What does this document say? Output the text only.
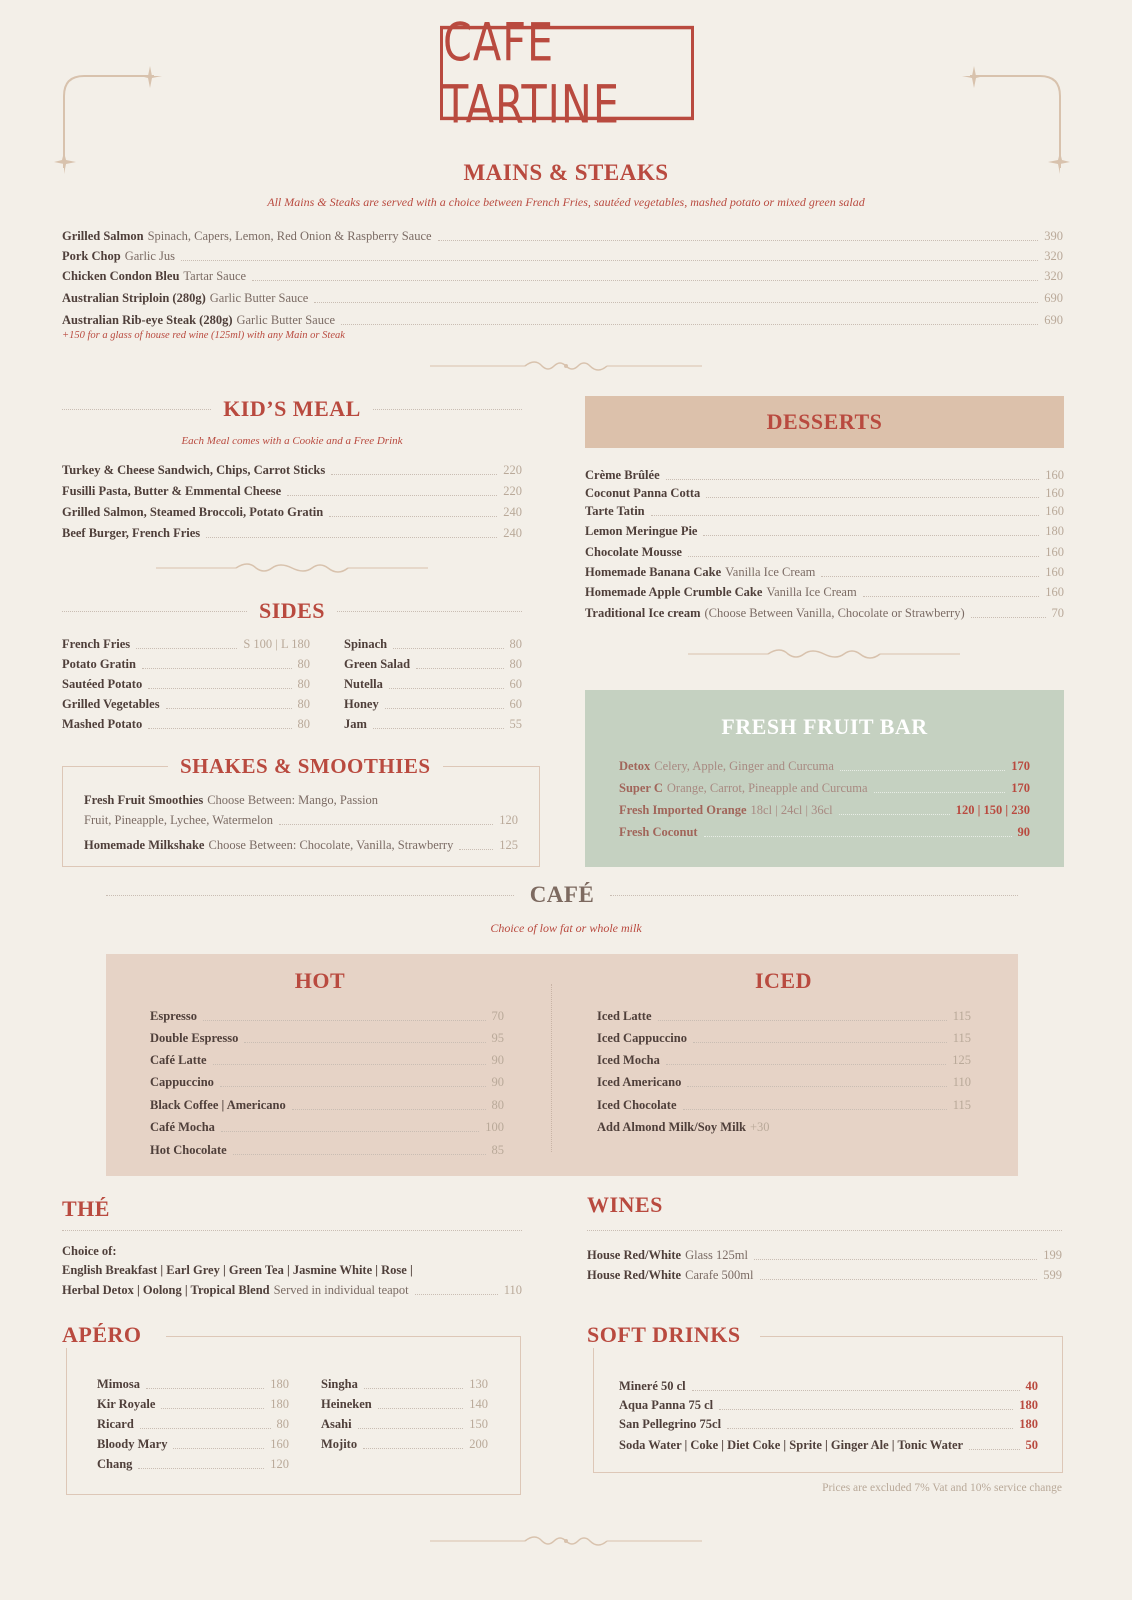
CAFE TARTINE
MAINS & STEAKS
All Mains & Steaks are served with a choice between French Fries, sautéed vegetables, mashed potato or mixed green salad
Grilled Salmon Spinach, Capers, Lemon, Red Onion & Raspberry Sauce	390
Pork Chop Garlic Jus	320
Chicken Condon Bleu Tartar Sauce	320
Australian Striploin (280g) Garlic Butter Sauce	690
Australian Rib-eye Steak (280g) Garlic Butter Sauce	690
+150 for a glass of house red wine (125ml) with any Main or Steak
KID’S MEAL
Each Meal comes with a Cookie and a Free Drink
Turkey & Cheese Sandwich, Chips, Carrot Sticks	220
Fusilli Pasta, Butter & Emmental Cheese	220
Grilled Salmon, Steamed Broccoli, Potato Gratin	240
Beef Burger, French Fries	240
SIDES
French Fries	S 100 | L 180
Potato Gratin	80
Sautéed Potato	80
Grilled Vegetables	80
Mashed Potato	80
Spinach	80
Green Salad	80
Nutella	60
Honey	60
Jam	55
SHAKES & SMOOTHIES
Fresh Fruit Smoothies Choose Between: Mango, Passion
Fruit, Pineapple, Lychee, Watermelon	120
Homemade Milkshake Choose Between: Chocolate, Vanilla, Strawberry	125
DESSERTS
Crème Brûlée	160
Coconut Panna Cotta	160
Tarte Tatin	160
Lemon Meringue Pie	180
Chocolate Mousse	160
Homemade Banana Cake Vanilla Ice Cream	160
Homemade Apple Crumble Cake Vanilla Ice Cream	160
Traditional Ice cream (Choose Between Vanilla, Chocolate or Strawberry)	70
FRESH FRUIT BAR
Detox Celery, Apple, Ginger and Curcuma	170
Super C Orange, Carrot, Pineapple and Curcuma	170
Fresh Imported Orange 18cl | 24cl | 36cl	120 | 150 | 230
Fresh Coconut	90
CAFÉ
Choice of low fat or whole milk
HOT	ICED
Espresso	70
Double Espresso	95
Café Latte	90
Cappuccino	90
Black Coffee | Americano	80
Café Mocha	100
Hot Chocolate	85
Iced Latte	115
Iced Cappuccino	115
Iced Mocha	125
Iced Americano	110
Iced Chocolate	115
Add Almond Milk/Soy Milk +30
THÉ
Choice of:
English Breakfast | Earl Grey | Green Tea | Jasmine White | Rose |
Herbal Detox | Oolong | Tropical Blend Served in individual teapot	110
WINES
House Red/White Glass 125ml	199
House Red/White Carafe 500ml	599
APÉRO
Mimosa	180
Kir Royale	180
Ricard	80
Bloody Mary	160
Chang	120
Singha	130
Heineken	140
Asahi	150
Mojito	200
SOFT DRINKS
Mineré 50 cl	40
Aqua Panna 75 cl	180
San Pellegrino 75cl	180
Soda Water | Coke | Diet Coke | Sprite | Ginger Ale | Tonic Water	50
Prices are excluded 7% Vat and 10% service change
